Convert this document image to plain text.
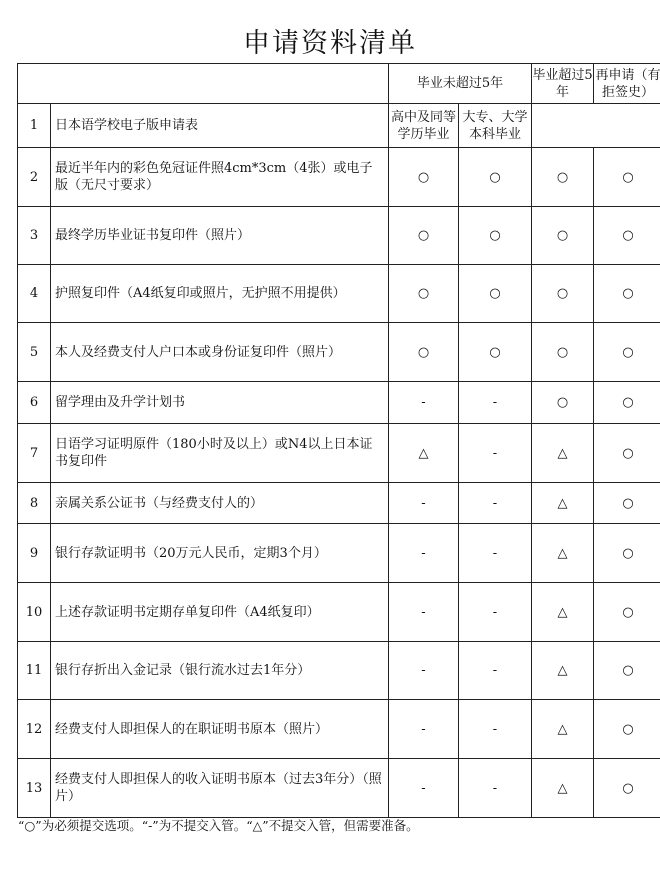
申请资料清单
		毕业未超过5年		毕业超过5年	再申请（有拒签史）
1	日本语学校电子版申请表	高中及同等学历毕业	大专、大学本科毕业		
2	最近半年内的彩色免冠证件照4cm*3cm（4张）或电子版（无尺寸要求）	○	○	○	○
3	最终学历毕业证书复印件（照片）	○	○	○	○
4	护照复印件（A4纸复印或照片，无护照不用提供）	○	○	○	○
5	本人及经费支付人户口本或身份证复印件（照片）	○	○	○	○
6	留学理由及升学计划书	-	-	○	○
7	日语学习证明原件（180小时及以上）或N4以上日本证书复印件	△	-	△	○
8	亲属关系公证书（与经费支付人的）	-	-	△	○
9	银行存款证明书（20万元人民币，定期3个月）	-	-	△	○
10	上述存款证明书定期存单复印件（A4纸复印）	-	-	△	○
11	银行存折出入金记录（银行流水过去1年分）	-	-	△	○
12	经费支付人即担保人的在职证明书原本（照片）	-	-	△	○
13	经费支付人即担保人的收入证明书原本（过去3年分）（照片）	-	-	△	○
“○”为必须提交选项。“-”为不提交入管。“△”不提交入管，但需要准备。
